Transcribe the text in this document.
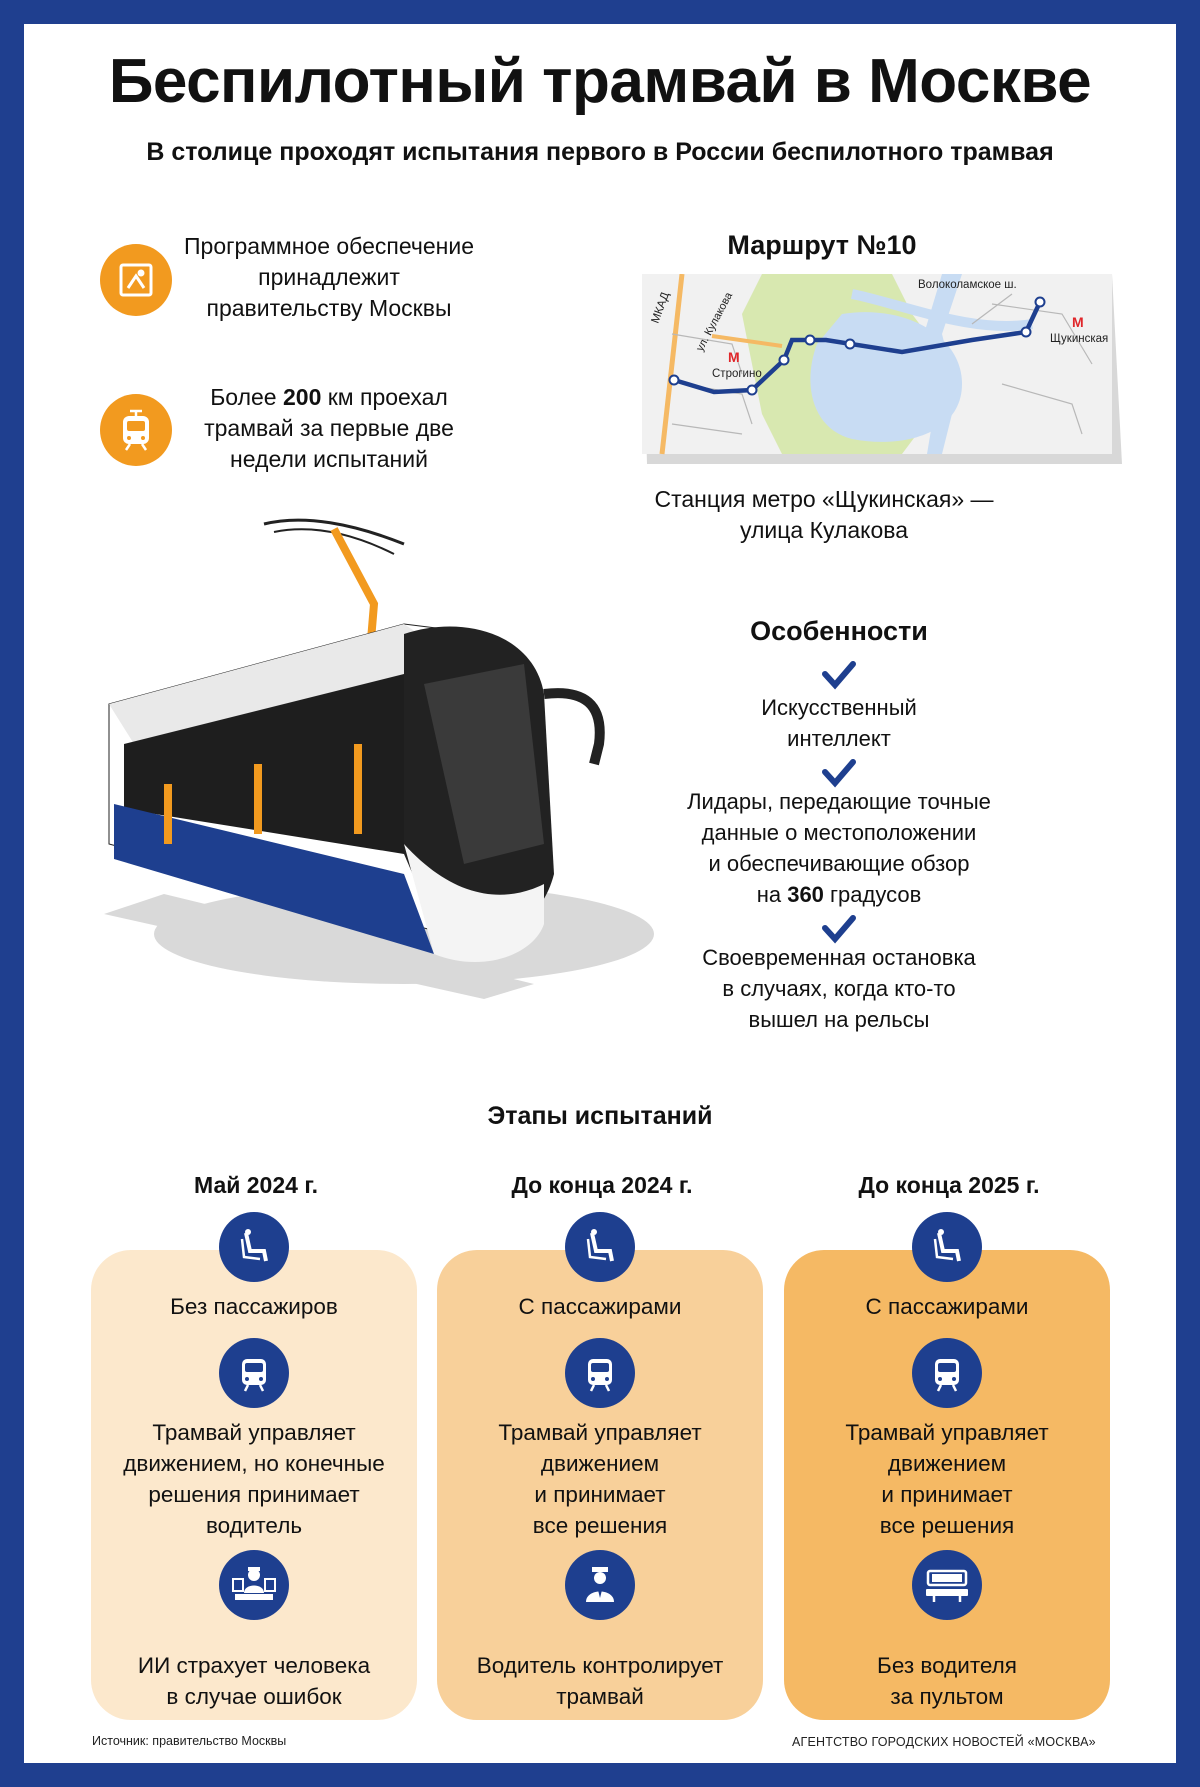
Беспилотный трамвай в Москве
В столице проходят испытания первого в России беспилотного трамвая
Программное обеспечение
принадлежит
правительству Москвы
Более 200 км проехал
трамвай за первые две
недели испытаний
Маршрут №10
Волоколамское ш.
МКАД ул. Кулакова
М
Строгино
М
Щукинская
Станция метро «Щукинская» —
улица Кулакова
Особенности
Искусственный
интеллект
Лидары, передающие точные
данные о местоположении
и обеспечивающие обзор
на 360 градусов
Своевременная остановка
в случаях, когда кто-то
вышел на рельсы
Этапы испытаний
Май 2024 г.
Без пассажиров
Трамвай управляет
движением, но конечные
решения принимает
водитель
ИИ страхует человека
в случае ошибок
До конца 2024 г.
С пассажирами
Трамвай управляет
движением
и принимает
все решения
Водитель контролирует
трамвай
До конца 2025 г.
С пассажирами
Трамвай управляет
движением
и принимает
все решения
Без водителя
за пультом
Источник: правительство Москвы	АГЕНТСТВО ГОРОДСКИХ НОВОСТЕЙ «МОСКВА»
